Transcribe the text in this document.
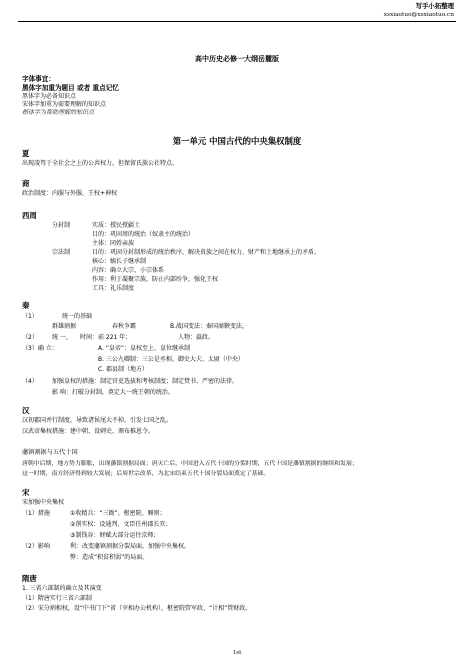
写手小拓整理
xsxiaotuo@xsxiaotuo.cn
高中历史必修一大纲岳麓版
字体事宜：
黑体字加重为题目 或者 重点记忆
黑体字为必备知识点
宋体字加重为需要理解的知识点
楷体字为帮助理解的知识点
第一单元 中国古代的中央集权制度
夏
出现凌驾于全社会之上的公共权力，但保留氏族公社特点。
商
政治制度：内服与外服，王权+神权
西周
分封制	实质：授民授疆土
目的：巩固周的统治（奴隶主的统治）
主体：同姓亲族
宗法制	目的：巩固分封制形成的统治秩序，解决贵族之间在权力、财产和土地继承上的矛盾。
核心：嫡长子继承制
内容：确立大宗、小宗体系
作用：利于凝聚宗族，防止内部纷争，强化王权
工具：礼乐制度
秦
（1）	统一的基础
群雄割据	春秋争霸	B.战国变法：秦国商鞅变法，
（2） 统 一， 时间：前 221 年；	人物：嬴政。
（3）确 立：	A. “皇帝”：皇权至上、皇位继承制
B. 三公九卿制：三公是丞相、御史大夫、太尉（中央）
C. 郡县制（地方）
（4） 加强皇权的措施：制定官吏选拔和考核制度；制定焚书、严密的法律。
影 响：打破分封制，奠定大一统王朝的统治。
汉
汉初郡国并行制度，导致诸侯尾大不掉，引发七国之乱。
汉武帝集权措施：建中朝、设刺史、颁布推恩令。
藩镇割据与五代十国
唐朝中后期，地方势力膨胀，出现藩镇割据局面；唐灭亡后，中国进入五代十国的分裂时期，五代十国是藩镇割据的继续和发展；
这一时期，南方经济得到较大发展；后周世宗改革，为北宋结束五代十国分裂局面奠定了基础。
宋
宋加强中央集权
（1）措施	①收精兵：“三衙”、枢密院、厢则；
②削实权：设通判、文臣任州郡长官；
③制钱谷：财赋大部分运往京师；
（2）影响	利：改变藩镇割据分裂局面，加强中央集权。
弊：造成“积贫积弱”的局面。
隋唐
1. 三省六部制的确立及其演变
（1）隋唐实行三省六部制
（2）宋分割相权，设“中书门下”省（宰相办公机构），枢密院管军政、“计相”管财政。
1st
